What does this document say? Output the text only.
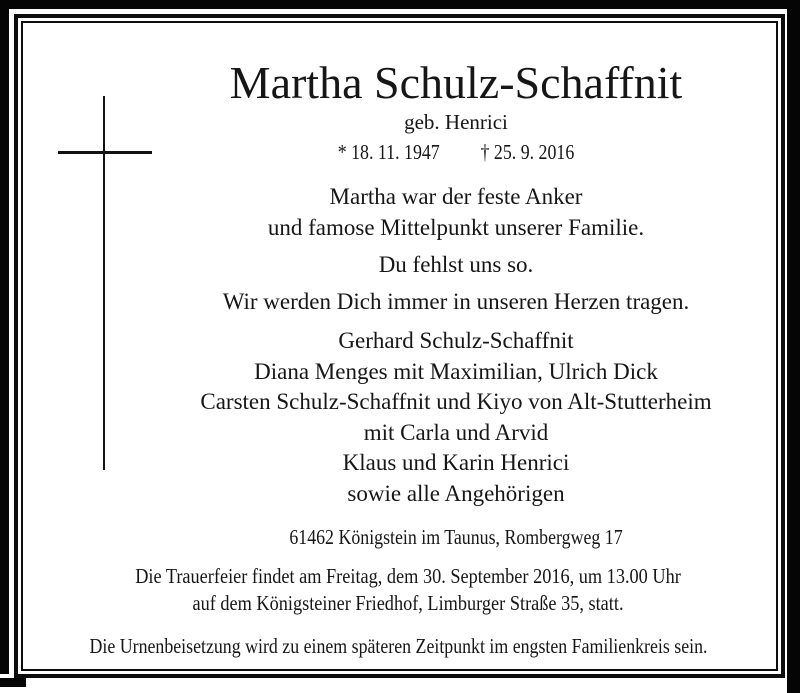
Martha Schulz-Schaffnit
geb. Henrici
* 18. 11. 1947 † 25. 9. 2016
Martha war der feste Anker
und famose Mittelpunkt unserer Familie.
Du fehlst uns so.
Wir werden Dich immer in unseren Herzen tragen.
Gerhard Schulz-Schaffnit
Diana Menges mit Maximilian, Ulrich Dick
Carsten Schulz-Schaffnit und Kiyo von Alt-Stutterheim
mit Carla und Arvid
Klaus und Karin Henrici
sowie alle Angehörigen
61462 Königstein im Taunus, Rombergweg 17
Die Trauerfeier findet am Freitag, dem 30. September 2016, um 13.00 Uhr
auf dem Königsteiner Friedhof, Limburger Straße 35, statt.
Die Urnenbeisetzung wird zu einem späteren Zeitpunkt im engsten Familienkreis sein.
